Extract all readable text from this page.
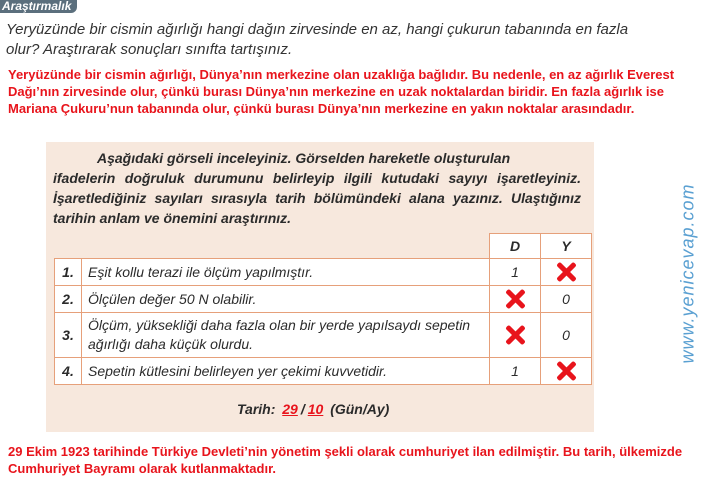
Araştırmalık
Yeryüzünde bir cismin ağırlığı hangi dağın zirvesinde en az, hangi çukurun tabanında en fazla
olur? Araştırarak sonuçları sınıfta tartışınız.
Yeryüzünde bir cismin ağırlığı, Dünya’nın merkezine olan uzaklığa bağlıdır. Bu nedenle, en az ağırlık Everest Dağı’nın zirvesinde olur, çünkü burası Dünya’nın merkezine en uzak noktalardan biridir. En fazla ağırlık ise Mariana Çukuru’nun tabanında olur, çünkü burası Dünya’nın merkezine en yakın noktalar arasındadır.
Aşağıdaki görseli inceleyiniz. Görselden hareketle oluşturulan
ifadelerin doğruluk durumunu belirleyip ilgili kutudaki sayıyı işaretleyiniz. İşaretlediğiniz sayıları sırasıyla tarih bölümündeki alana yazınız. Ulaştığınız tarihin anlam ve önemini araştırınız.
		D	Y
1.	Eşit kollu terazi ile ölçüm yapılmıştır.	1	
2.	Ölçülen değer 50 N olabilir.		0
3.	Ölçüm, yüksekliği daha fazla olan bir yerde yapılsaydı sepetin ağırlığı daha küçük olurdu.		0
4.	Sepetin kütlesini belirleyen yer çekimi kuvvetidir.	1	
Tarih: 29 / 10 (Gün/Ay)
29 Ekim 1923 tarihinde Türkiye Devleti’nin yönetim şekli olarak cumhuriyet ilan edilmiştir. Bu tarih, ülkemizde Cumhuriyet Bayramı olarak kutlanmaktadır.
www.yenicevap.com
